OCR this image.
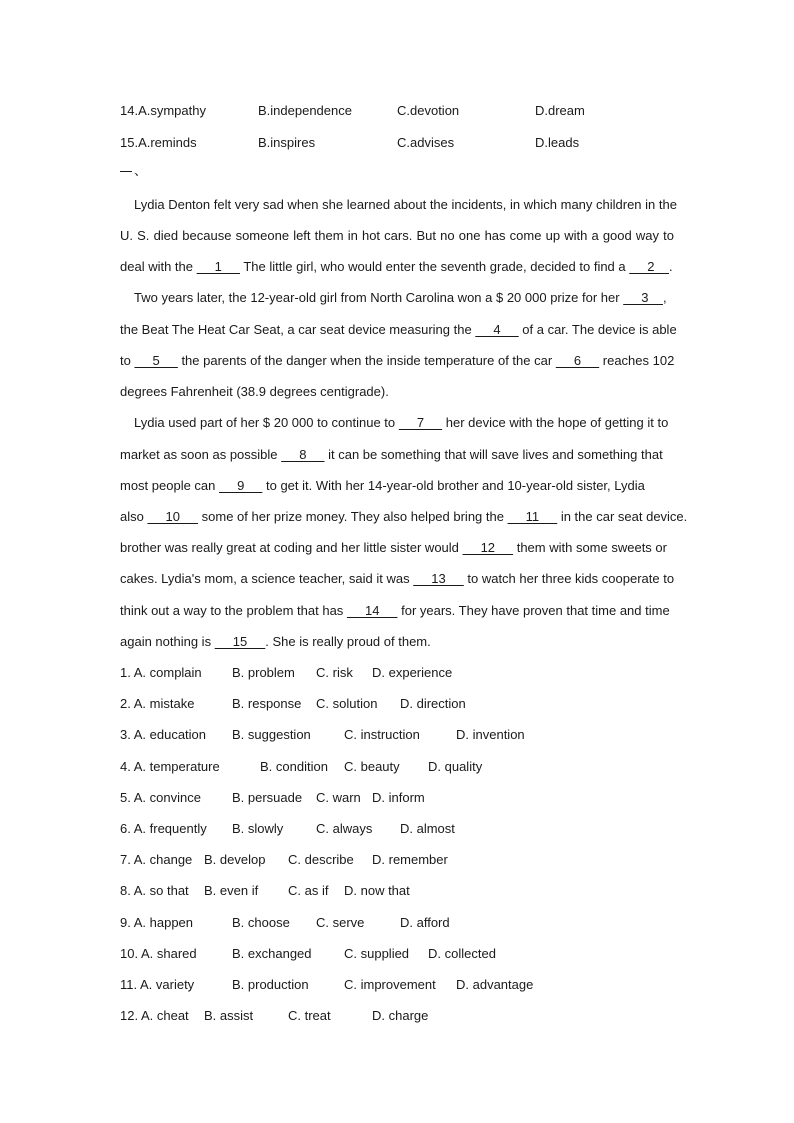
14.A.sympathy	B.independence	C.devotion	D.dream
15.A.reminds	B.inspires	C.advises	D.leads
、
Lydia Denton felt very sad when she learned about the incidents, in which many children in the
U. S. died because someone left them in hot cars. But no one has come up with a good way to
deal with the      1      The little girl, who would enter the seventh grade, decided to find a      2    .
Two years later, the 12-year-old girl from North Carolina won a $ 20 000 prize for her      3    ,
the Beat The Heat Car Seat, a car seat device measuring the      4      of a car. The device is able
to      5      the parents of the danger when the inside temperature of the car      6      reaches 102
degrees Fahrenheit (38.9 degrees centigrade).
Lydia used part of her $ 20 000 to continue to      7      her device with the hope of getting it to
market as soon as possible      8      it can be something that will save lives and something that
most people can      9      to get it. With her 14-year-old brother and 10-year-old sister, Lydia
also      10      some of her prize money. They also helped bring the      11      in the car seat device.
brother was really great at coding and her little sister would      12      them with some sweets or
cakes. Lydia's mom, a science teacher, said it was      13      to watch her three kids cooperate to
think out a way to the problem that has      14      for years. They have proven that time and time
again nothing is      15     . She is really proud of them.
1. A. complain B. problem C. risk D. experience
2. A. mistake	B. response C. solution D. direction
3. A. education B. suggestion	C. instruction	D. invention
4. A. temperature	B. condition C. beauty D. quality
5. A. convince B. persuade C. warn D. inform
6. A. frequently B. slowly	C. always D. almost
7. A. change B. develop C. describe D. remember
8. A. so that B. even if C. as if D. now that
9. A. happen	B. choose C. serve	D. afford
10. A. shared	B. exchanged C. supplied D. collected
11. A. variety	B. production	C. improvement D. advantage
12. A. cheat B. assist	C. treat	D. charge
